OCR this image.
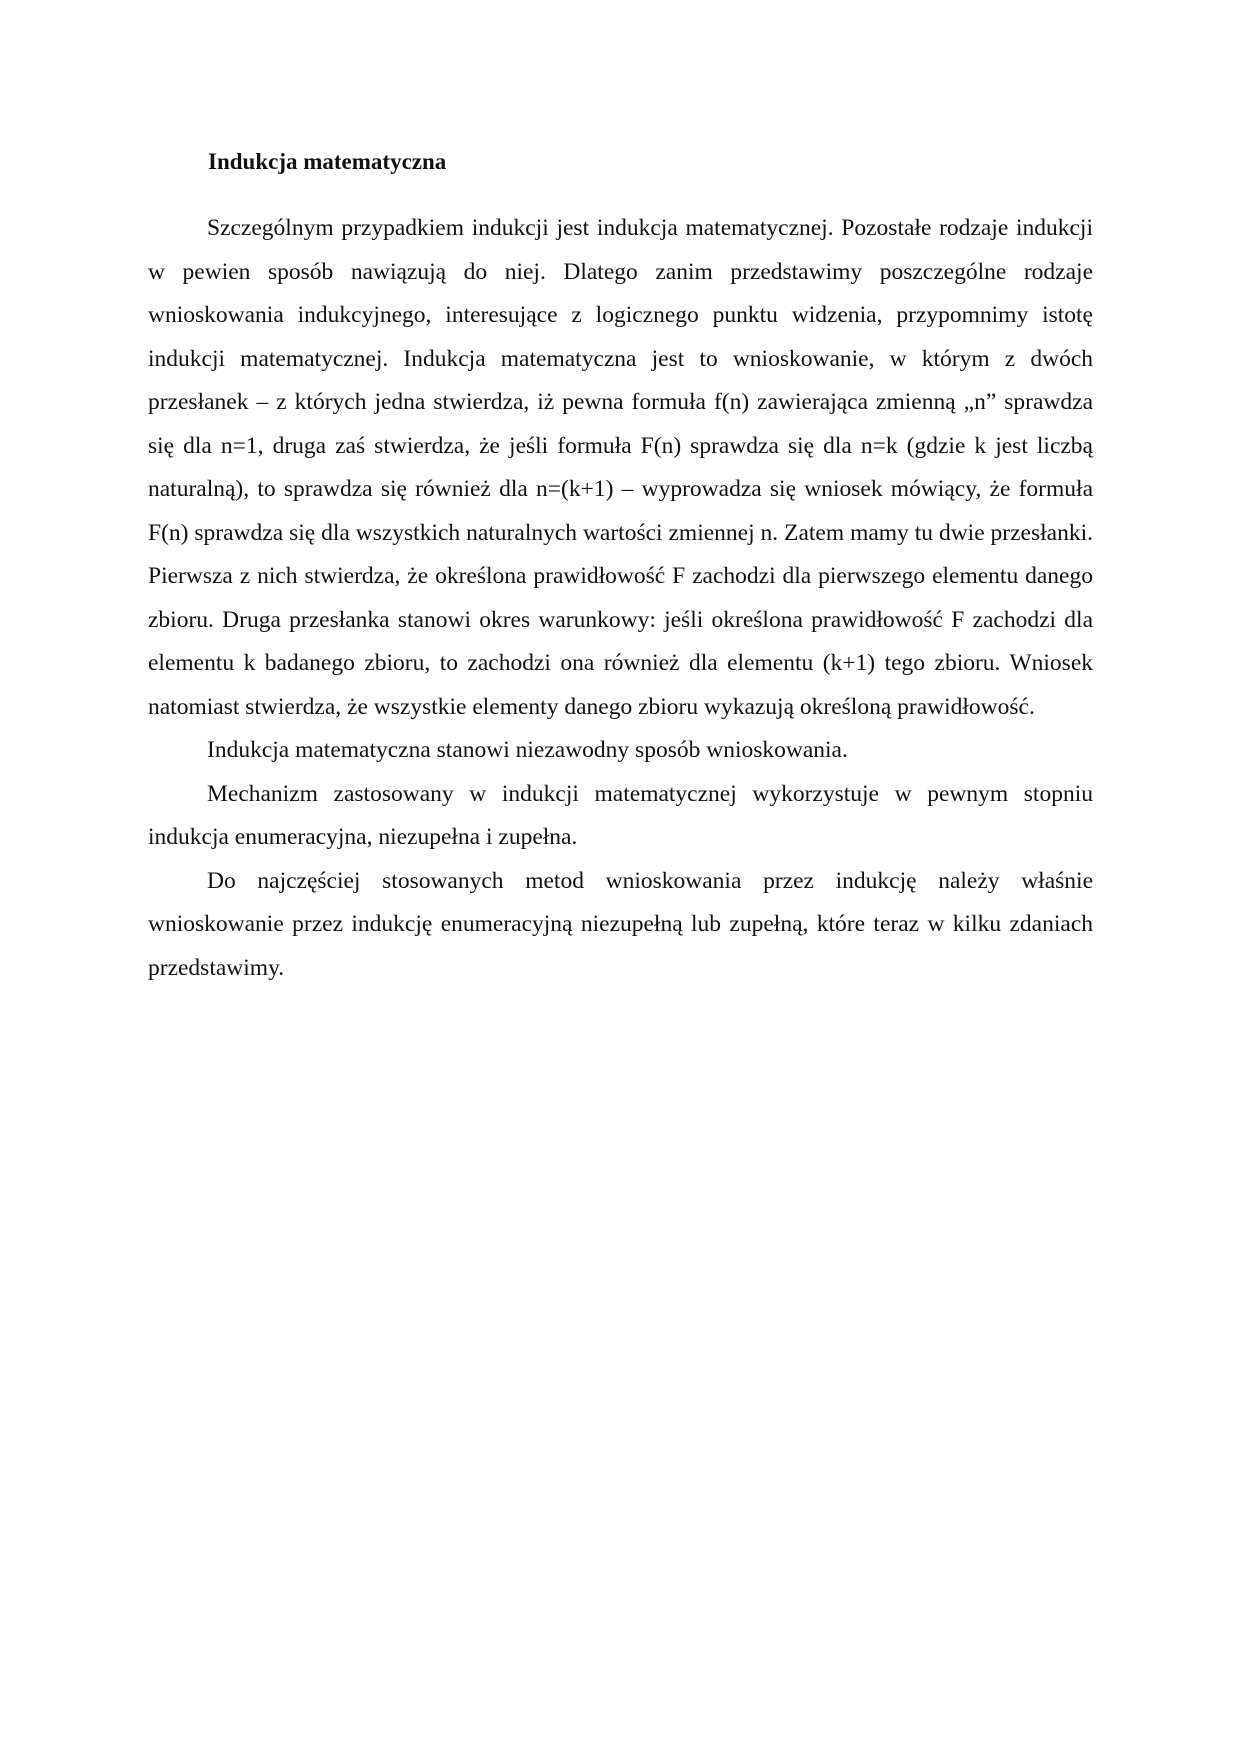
Indukcja matematyczna

Szczególnym przypadkiem indukcji jest indukcja matematycznej. Pozostałe rodzaje indukcji w pewien sposób nawiązują do niej. Dlatego zanim przedstawimy poszczególne rodzaje wnioskowania indukcyjnego, interesujące z logicznego punktu widzenia, przypomnimy istotę indukcji matematycznej. Indukcja matematyczna jest to wnioskowanie, w którym z dwóch przesłanek – z których jedna stwierdza, iż pewna formuła f(n) zawierająca zmienną „n” sprawdza się dla n=1, druga zaś stwierdza, że jeśli formuła F(n) sprawdza się dla n=k (gdzie k jest liczbą naturalną), to sprawdza się również dla n=(k+1) – wyprowadza się wniosek mówiący, że formuła F(n) sprawdza się dla wszystkich naturalnych wartości zmiennej n. Zatem mamy tu dwie przesłanki. Pierwsza z nich stwierdza, że określona prawidłowość F zachodzi dla pierwszego elementu danego zbioru. Druga przesłanka stanowi okres warunkowy: jeśli określona prawidłowość F zachodzi dla elementu k badanego zbioru, to zachodzi ona również dla elementu (k+1) tego zbioru. Wniosek natomiast stwierdza, że wszystkie elementy danego zbioru wykazują określoną prawidłowość.

Indukcja matematyczna stanowi niezawodny sposób wnioskowania.

Mechanizm zastosowany w indukcji matematycznej wykorzystuje w pewnym stopniu indukcja enumeracyjna, niezupełna i zupełna.

Do najczęściej stosowanych metod wnioskowania przez indukcję należy właśnie wnioskowanie przez indukcję enumeracyjną niezupełną lub zupełną, które teraz w kilku zdaniach przedstawimy.
